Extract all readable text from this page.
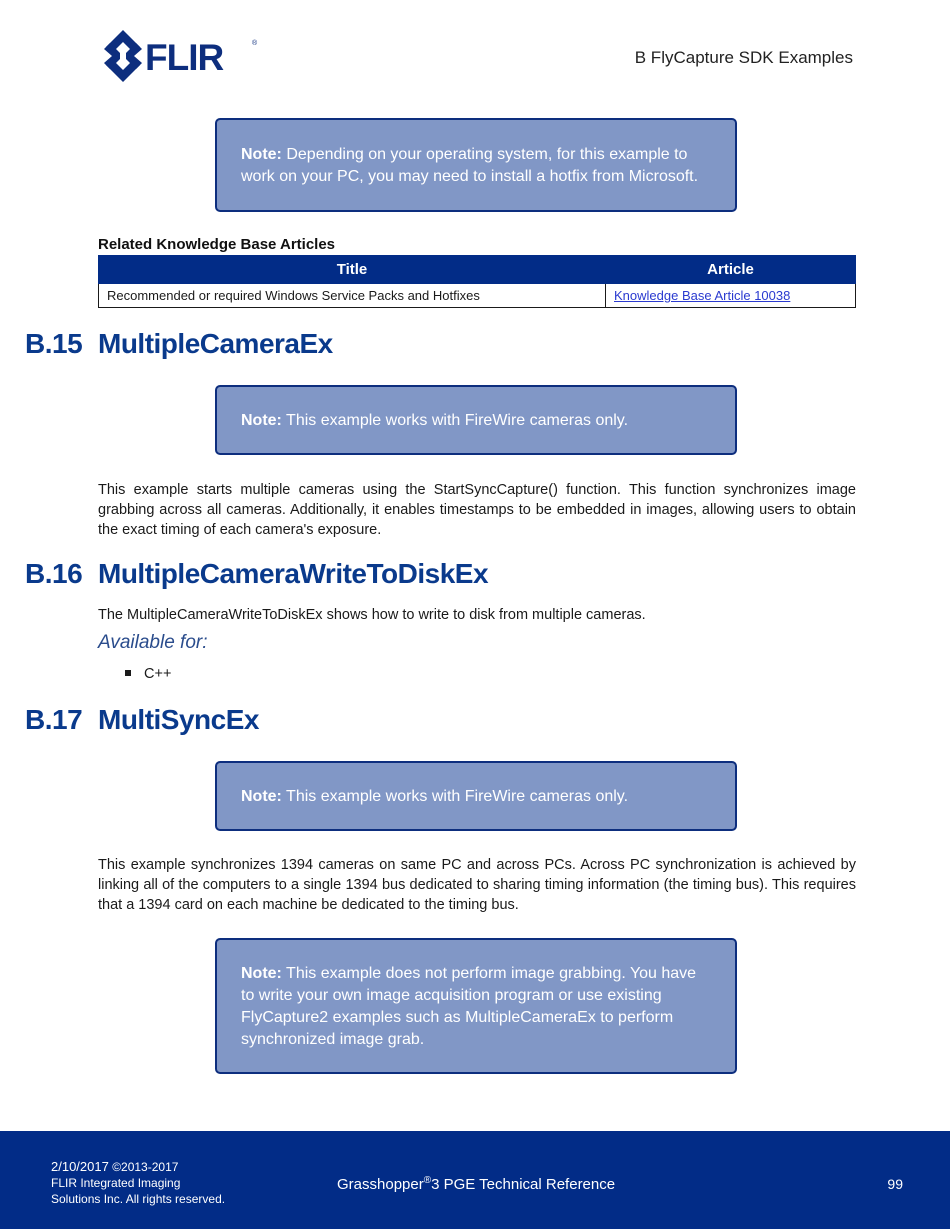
FLIR	®
B FlyCapture SDK Examples
Note: Depending on your operating system, for this example to work on your PC, you may need to install a hotfix from Microsoft.
Related Knowledge Base Articles
Title	Article
Recommended or required Windows Service Packs and Hotfixes	Knowledge Base Article 10038
B.15 MultipleCameraEx
Note: This example works with FireWire cameras only.

This example starts multiple cameras using the StartSyncCapture() function. This function synchronizes image grabbing across all cameras. Additionally, it enables timestamps to be embedded in images, allowing users to obtain the exact timing of each camera's exposure.

B.16 MultipleCameraWriteToDiskEx

The MultipleCameraWriteToDiskEx shows how to write to disk from multiple cameras.

Available for:
C++
B.17 MultiSyncEx
Note: This example works with FireWire cameras only.

This example synchronizes 1394 cameras on same PC and across PCs. Across PC synchronization is achieved by linking all of the computers to a single 1394 bus dedicated to sharing timing information (the timing bus). This requires that a 1394 card on each machine be dedicated to the timing bus.

Note: This example does not perform image grabbing. You have to write your own image acquisition program or use existing FlyCapture2 examples such as MultipleCameraEx to perform synchronized image grab.
2/10/2017 ©2013-2017
FLIR Integrated Imaging
Solutions Inc. All rights reserved.
Grasshopper®3 PGE Technical Reference	99
